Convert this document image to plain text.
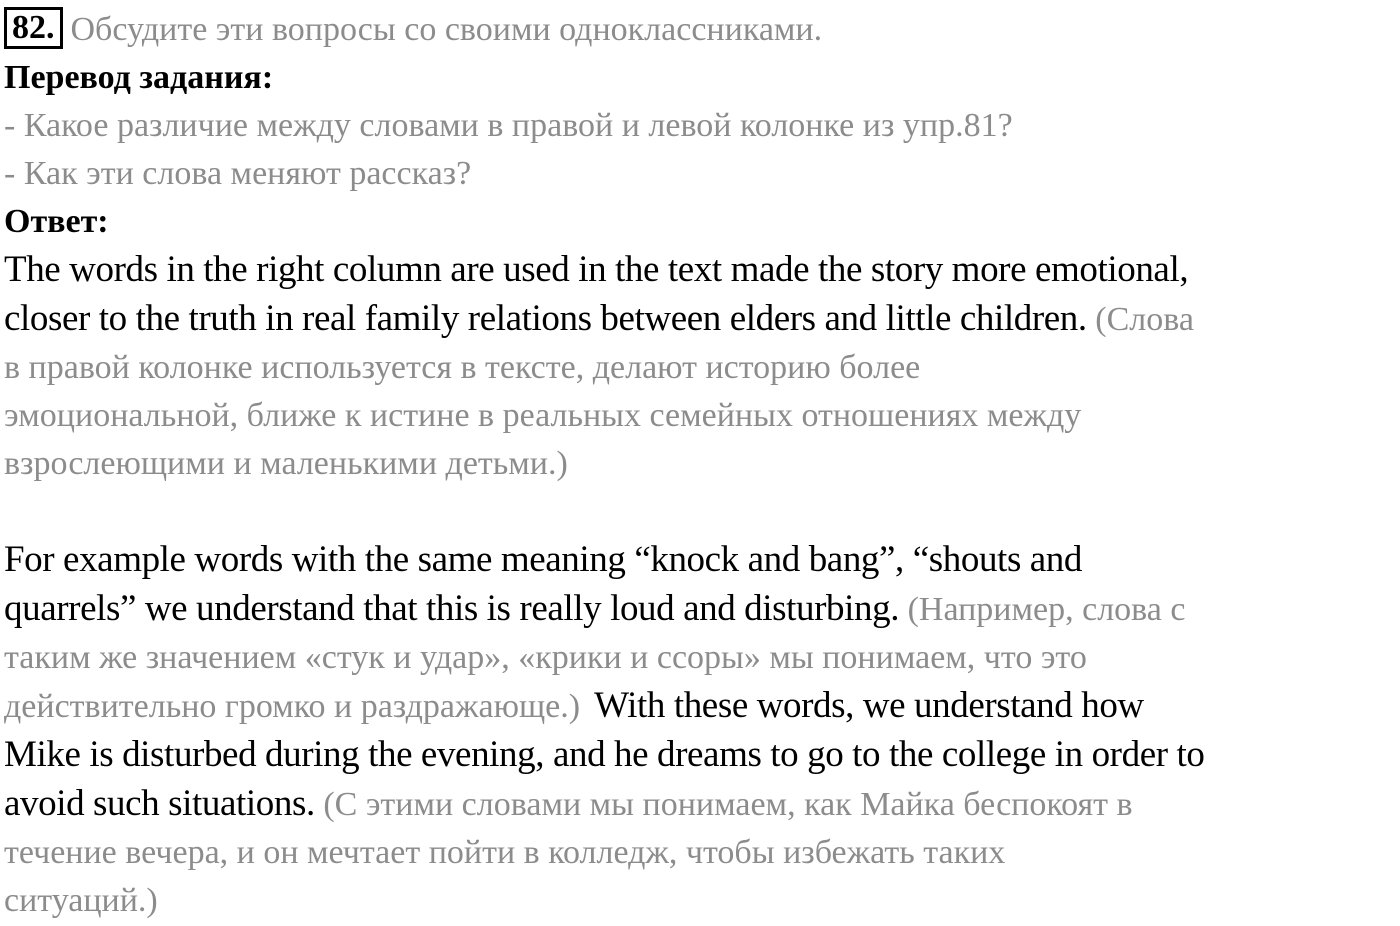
82. Обсудите эти вопросы со своими одноклассниками.
Перевод задания:
- Какое различие между словами в правой и левой колонке из упр.81?
- Как эти слова меняют рассказ?
Ответ:
The words in the right column are used in the text made the story more emotional,
closer to the truth in real family relations between elders and little children. (Слова
в правой колонке используется в тексте, делают историю более
эмоциональной, ближе к истине в реальных семейных отношениях между
взрослеющими и маленькими детьми.)
For example words with the same meaning “knock and bang”, “shouts and
quarrels” we understand that this is really loud and disturbing. (Например, слова с
таким же значением «стук и удар», «крики и ссоры» мы понимаем, что это
действительно громко и раздражающе.) With these words, we understand how
Mike is disturbed during the evening, and he dreams to go to the college in order to
avoid such situations. (С этими словами мы понимаем, как Майка беспокоят в
течение вечера, и он мечтает пойти в колледж, чтобы избежать таких
ситуаций.)
